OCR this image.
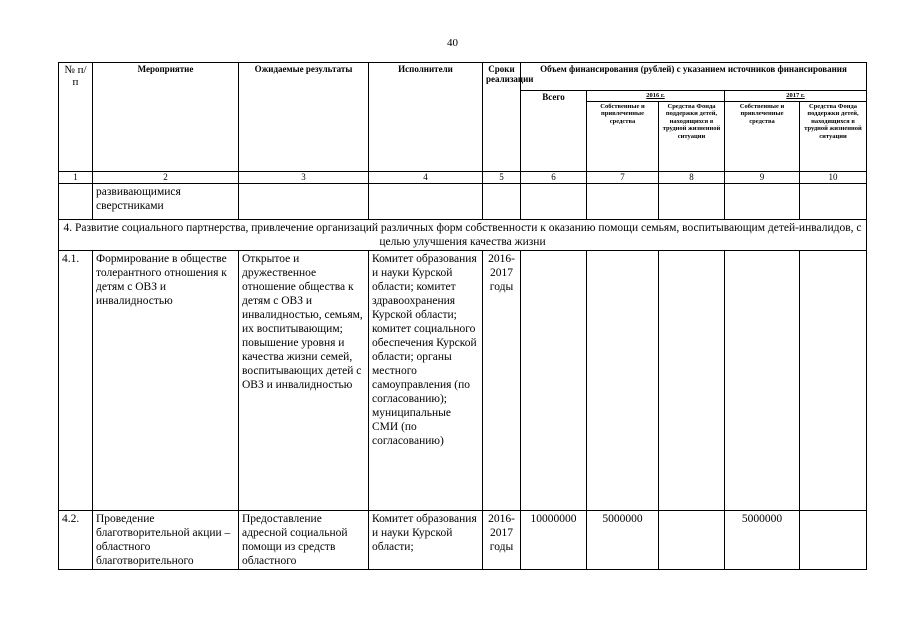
40
№ п/п	Мероприятие	Ожидаемые результаты	Исполнители	Сроки реализации	Объем финансирования (рублей) с указанием источников финансирования				
					Всего	2016 г.		2017 г.	
						Собственные и привлеченные средства	Средства Фонда поддержки детей, находящихся в трудной жизненной ситуации	Собственные и привлеченные средства	Средства Фонда поддержки детей, находящихся в трудной жизненной ситуации
1	2	3	4	5	6	7	8	9	10
	развивающимися сверстниками								
4. Развитие социального партнерства, привлечение организаций различных форм собственности к оказанию помощи семьям, воспитывающим детей-инвалидов, с целью улучшения качества жизни									
4.1.	Формирование в обществе толерантного отношения к детям с ОВЗ и инвалидностью	Открытое и дружественное отношение общества к детям с ОВЗ и инвалидностью, семьям, их воспитывающим; повышение уровня и качества жизни семей, воспитывающих детей с ОВЗ и инвалидностью	Комитет образования и науки Курской области; комитет здравоохранения Курской области; комитет социального обеспечения Курской области; органы местного самоуправления (по согласованию); муниципальные СМИ (по согласованию)	2016-2017 годы					
4.2.	Проведение благотворительной акции – областного благотворительного	Предоставление адресной социальной помощи из средств областного	Комитет образования и науки Курской области;	2016-2017 годы	10000000	5000000		5000000	
